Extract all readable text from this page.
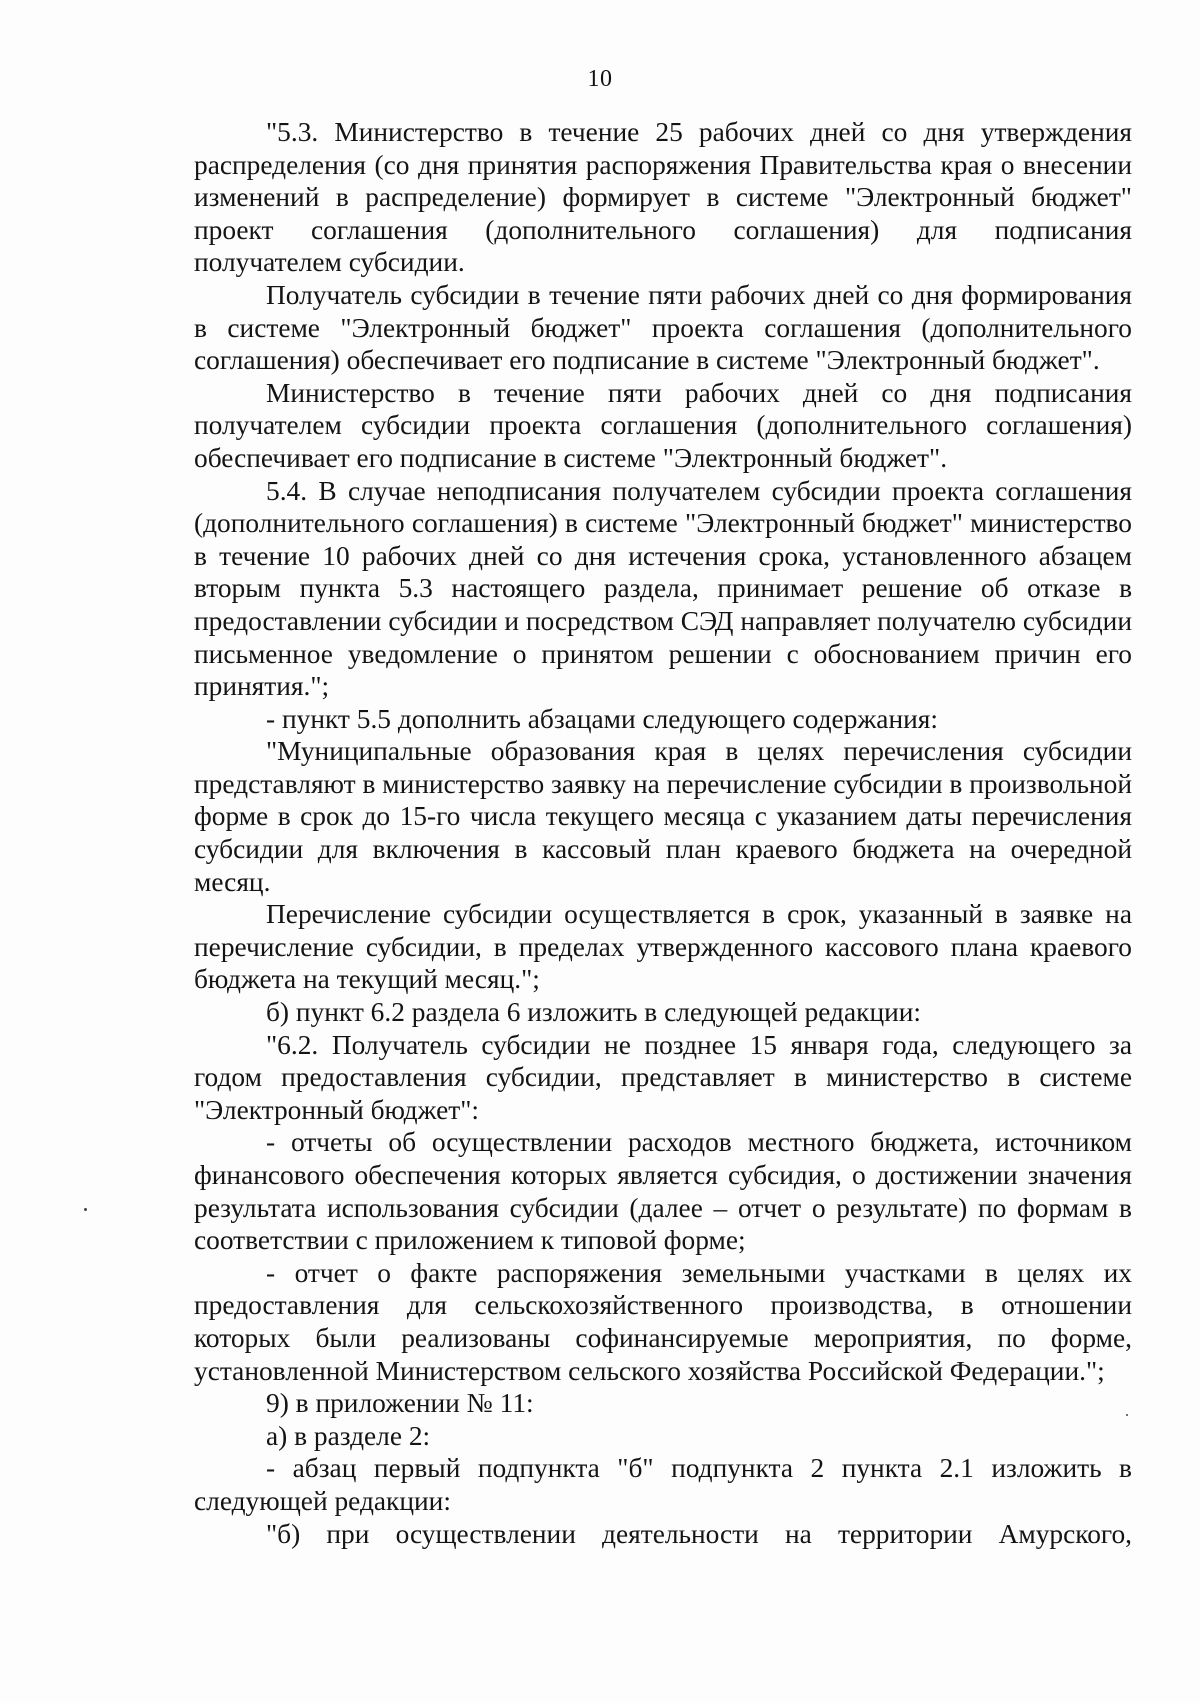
10

"5.3. Министерство в течение 25 рабочих дней со дня утверждения распределения (со дня принятия распоряжения Правительства края о внесении изменений в распределение) формирует в системе "Электронный бюджет" проект соглашения (дополнительного соглашения) для подписания получателем субсидии.

Получатель субсидии в течение пяти рабочих дней со дня формирования в системе "Электронный бюджет" проекта соглашения (дополнительного соглашения) обеспечивает его подписание в системе "Электронный бюджет".

Министерство в течение пяти рабочих дней со дня подписания получателем субсидии проекта соглашения (дополнительного соглашения) обеспечивает его подписание в системе "Электронный бюджет".

5.4. В случае неподписания получателем субсидии проекта соглашения (дополнительного соглашения) в системе "Электронный бюджет" министерство в течение 10 рабочих дней со дня истечения срока, установленного абзацем вторым пункта 5.3 настоящего раздела, принимает решение об отказе в предоставлении субсидии и посредством СЭД направляет получателю субсидии письменное уведомление о принятом решении с обоснованием причин его принятия.";

- пункт 5.5 дополнить абзацами следующего содержания:

"Муниципальные образования края в целях перечисления субсидии представляют в министерство заявку на перечисление субсидии в произвольной форме в срок до 15-го числа текущего месяца с указанием даты перечисления субсидии для включения в кассовый план краевого бюджета на очередной месяц.

Перечисление субсидии осуществляется в срок, указанный в заявке на перечисление субсидии, в пределах утвержденного кассового плана краевого бюджета на текущий месяц.";

б) пункт 6.2 раздела 6 изложить в следующей редакции:

"6.2. Получатель субсидии не позднее 15 января года, следующего за годом предоставления субсидии, представляет в министерство в системе "Электронный бюджет":

- отчеты об осуществлении расходов местного бюджета, источником финансового обеспечения которых является субсидия, о достижении значения результата использования субсидии (далее – отчет о результате) по формам в соответствии с приложением к типовой форме;

- отчет о факте распоряжения земельными участками в целях их предоставления для сельскохозяйственного производства, в отношении которых были реализованы софинансируемые мероприятия, по форме, установленной Министерством сельского хозяйства Российской Федерации.";

9) в приложении № 11:

а) в разделе 2:

- абзац первый подпункта "б" подпункта 2 пункта 2.1 изложить в следующей редакции:

"б) при осуществлении деятельности на территории Амурского,
